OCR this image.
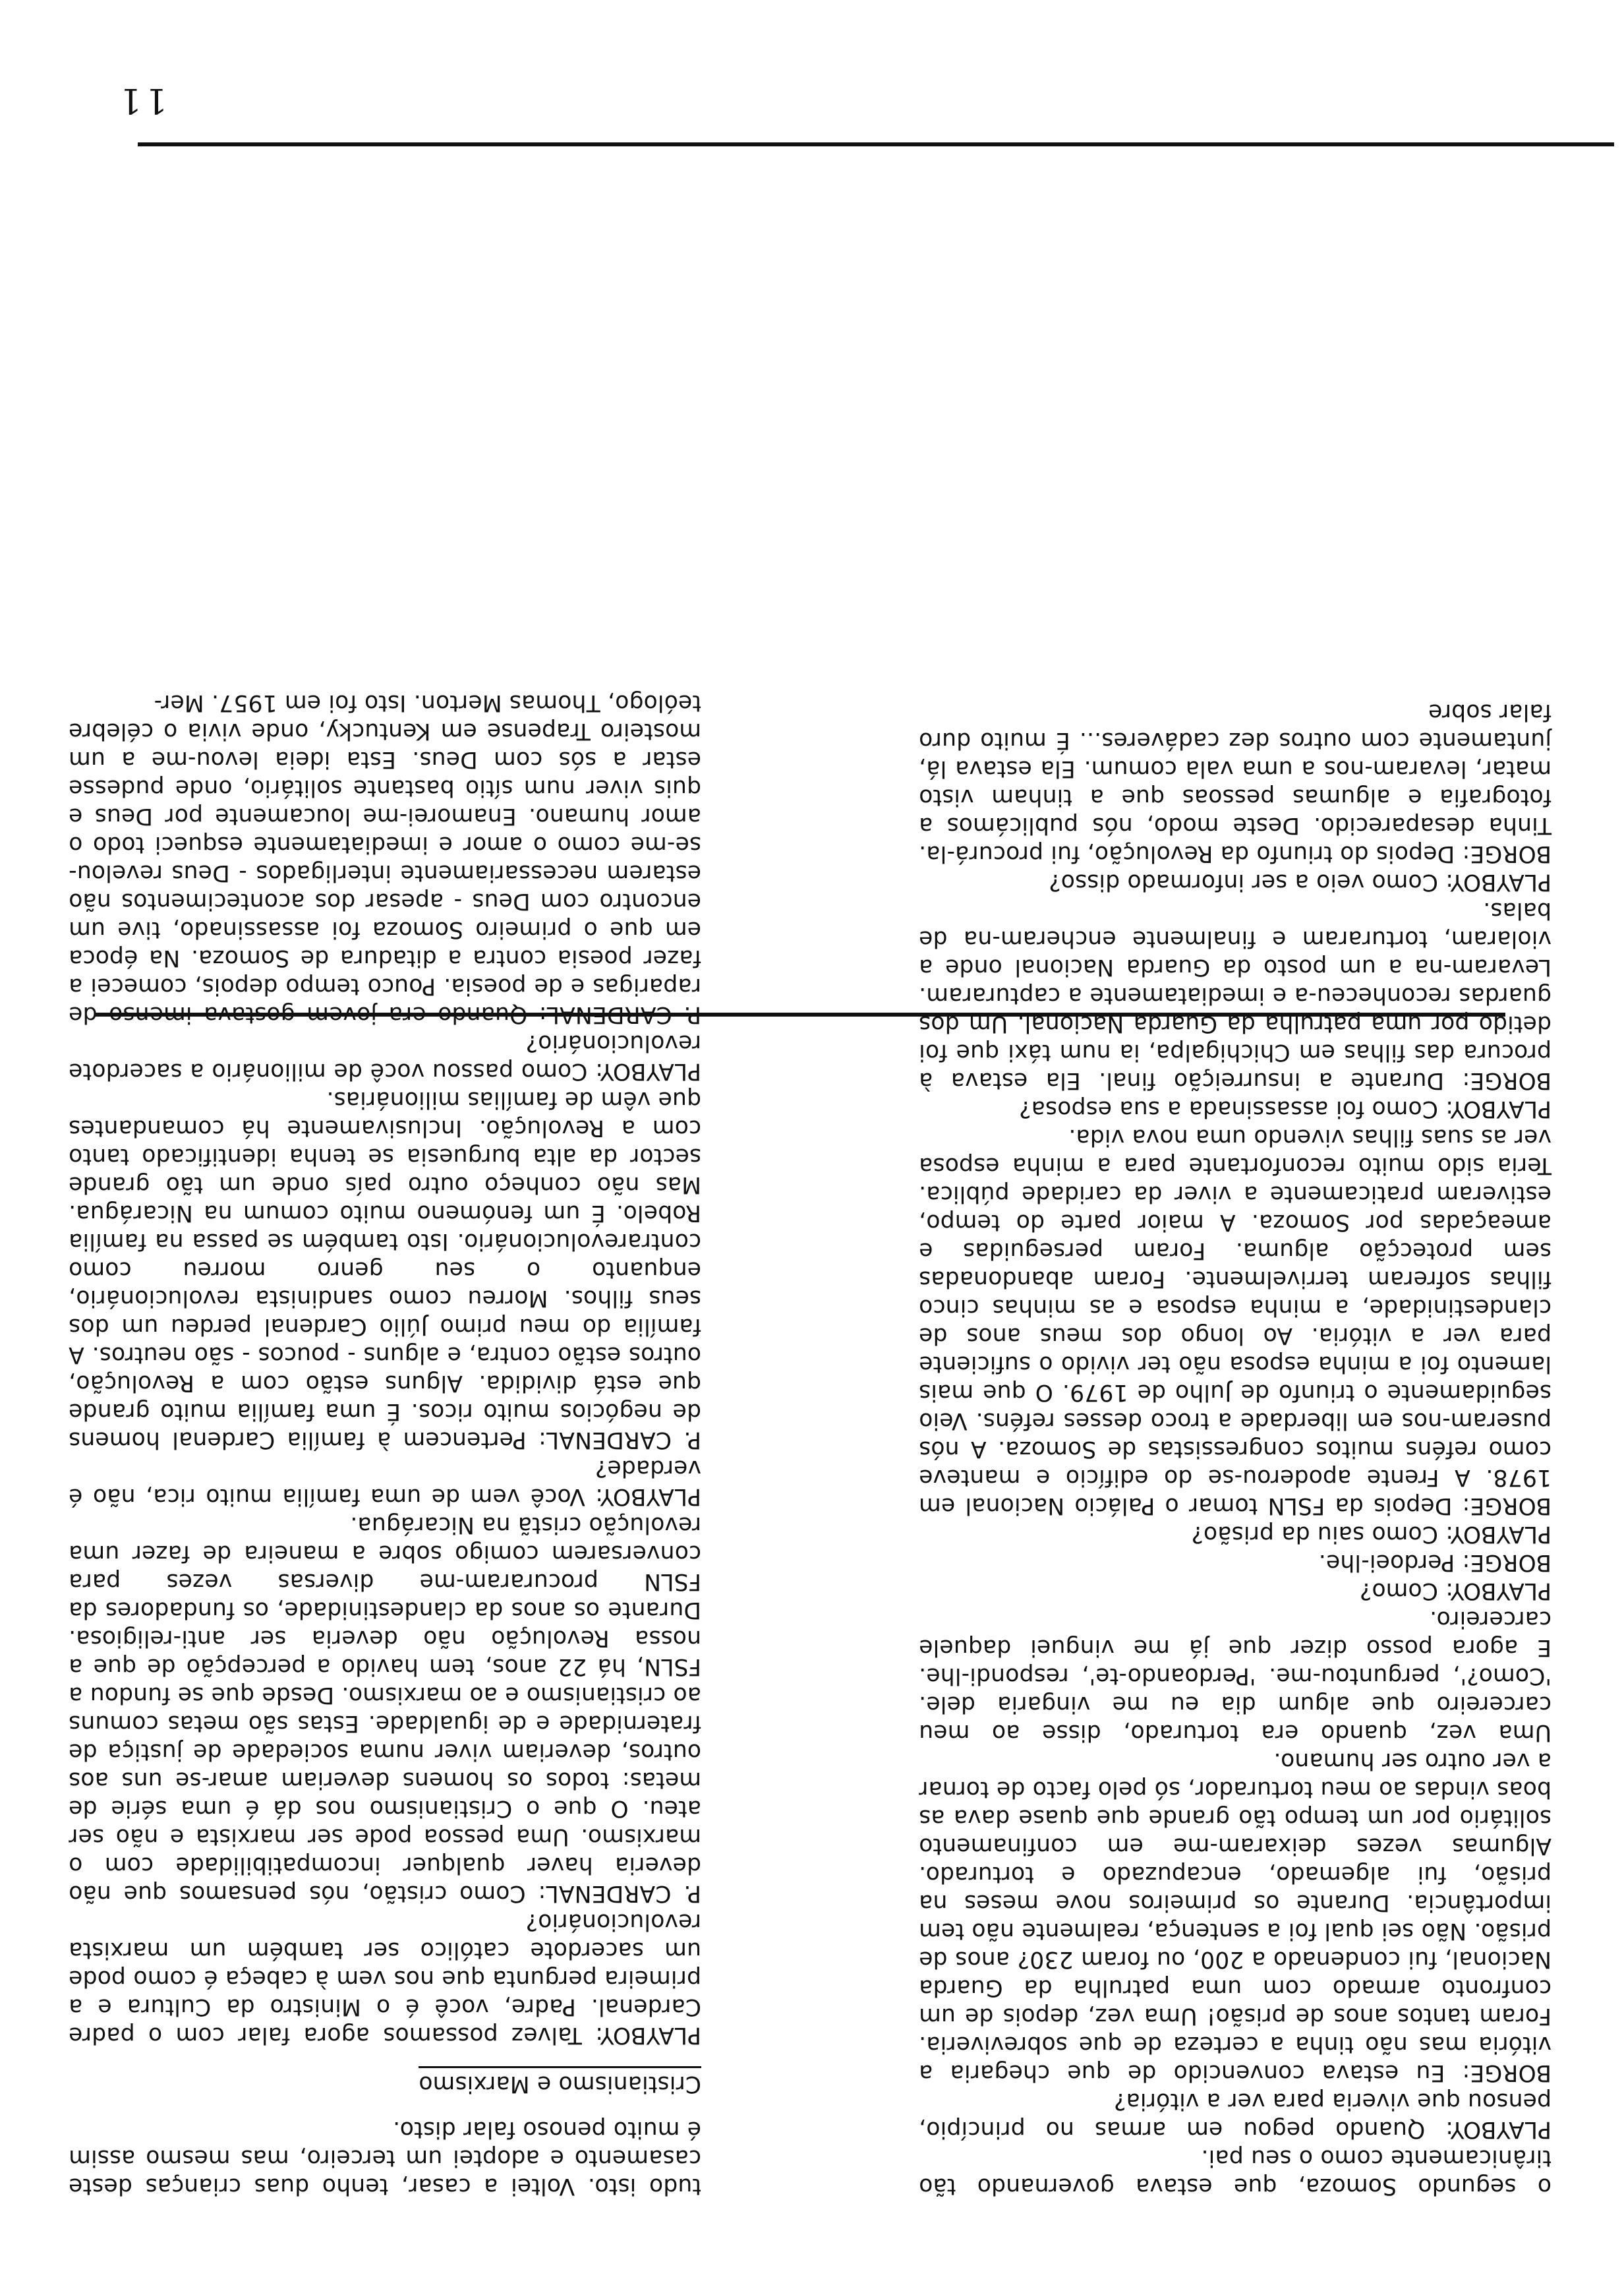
11

tudo isto. Voltei a casar, tenho duas crianças deste casamento e adoptei um terceiro, mas mesmo assim é muito penoso falar disto.

Cristianismo e Marxismo

PLAYBOY: Talvez possamos agora falar com o padre Cardenal. Padre, você é o Ministro da Cultura e a primeira pergunta que nos vem à cabeça é como pode um sacerdote católico ser também um marxista revolucionário?

P. CARDENAL: Como cristão, nós pensamos que não deveria haver qualquer incompatibilidade com o marxismo. Uma pessoa pode ser marxista e não ser ateu. O que o Cristianismo nos dá é uma série de metas: todos os homens deveriam amar-se uns aos outros, deveriam viver numa sociedade de justiça de fraternidade e de igualdade. Estas são metas comuns ao cristianismo e ao marxismo. Desde que se fundou a FSLN, há 22 anos, tem havido a percepção de que a nossa Revolução não deveria ser anti-religiosa. Durante os anos da clandestinidade, os fundadores da FSLN procuraram-me diversas vezes para conversarem comigo sobre a maneira de fazer uma revolução cristã na Nicarágua.

PLAYBOY: Você vem de uma família muito rica, não é verdade?

P. CARDENAL: Pertencem à família Cardenal homens de negócios muito ricos. É uma família muito grande que está dividida. Alguns estão com a Revolução, outros estão contra, e alguns - poucos - são neutros. A família do meu primo Júlio Cardenal perdeu um dos seus filhos. Morreu como sandinista revolucionário, enquanto o seu genro morreu como contrarevolucionário. Isto também se passa na família Robelo. É um fenómeno muito comum na Nicarágua. Mas não conheço outro país onde um tão grande sector da alta burguesia se tenha identificado tanto com a Revolução. Inclusivamente há comandantes que vêm de famílias milionárias.

PLAYBOY: Como passou você de milionário a sacerdote revolucionário?

P. CARDENAL: Quando era jovem gostava imenso de raparigas e de poesia. Pouco tempo depois, comecei a fazer poesia contra a ditadura de Somoza. Na época em que o primeiro Somoza foi assassinado, tive um encontro com Deus - apesar dos acontecimentos não estarem necessariamente interligados - Deus revelou-se-me como o amor e imediatamente esqueci todo o amor humano. Enamorei-me loucamente por Deus e quis viver num sítio bastante solitário, onde pudesse estar a sós com Deus. Esta ideia levou-me a um mosteiro Trapense em Kentucky, onde vivia o célebre teólogo, Thomas Merton. Isto foi em 1957. Mer-

o segundo Somoza, que estava governando tão tirânicamente como o seu pai.

PLAYBOY: Quando pegou em armas no princípio, pensou que viveria para ver a vitória?

BORGE: Eu estava convencido de que chegaria a vitória mas não tinha a certeza de que sobreviveria. Foram tantos anos de prisão! Uma vez, depois de um confronto armado com uma patrulha da Guarda Nacional, fui condenado a 200, ou foram 230? anos de prisão. Não sei qual foi a sentença, realmente não tem importância. Durante os primeiros nove meses na prisão, fui algemado, encapuzado e torturado. Algumas vezes deixaram-me em confinamento solitário por um tempo tão grande que quase dava as boas vindas ao meu torturador, só pelo facto de tornar a ver outro ser humano.

Uma vez, quando era torturado, disse ao meu carcereiro que algum dia eu me vingaria dele. 'Como?', perguntou-me. 'Perdoando-te', respondi-lhe. E agora posso dizer que já me vinguei daquele carcereiro.

PLAYBOY: Como?

BORGE: Perdoei-lhe.

PLAYBOY: Como saiu da prisão?

BORGE: Depois da FSLN tomar o Palácio Nacional em 1978. A Frente apoderou-se do edifício e manteve como reféns muitos congressistas de Somoza. A nós puseram-nos em liberdade a troco desses reféns. Veio seguidamente o triunfo de Julho de 1979. O que mais lamento foi a minha esposa não ter vivido o suficiente para ver a vitória. Ao longo dos meus anos de clandestinidade, a minha esposa e as minhas cinco filhas sofreram terrivelmente. Foram abandonadas sem protecção alguma. Foram perseguidas e ameaçadas por Somoza. A maior parte do tempo, estiveram praticamente a viver da caridade pública. Teria sido muito reconfortante para a minha esposa ver as suas filhas vivendo uma nova vida.

PLAYBOY: Como foi assassinada a sua esposa?

BORGE: Durante a insurreição final. Ela estava à procura das filhas em Chichigalpa, ia num táxi que foi detido por uma patrulha da Guarda Nacional. Um dos guardas reconheceu-a e imediatamente a capturaram. Levaram-na a um posto da Guarda Nacional onde a violaram, torturaram e finalmente encheram-na de balas.

PLAYBOY: Como veio a ser informado disso?

BORGE: Depois do triunfo da Revolução, fui procurá-la. Tinha desaparecido. Deste modo, nós publicámos a fotografia e algumas pessoas que a tinham visto matar, levaram-nos a uma vala comum. Ela estava lá, juntamente com outros dez cadáveres... É muito duro falar sobre
